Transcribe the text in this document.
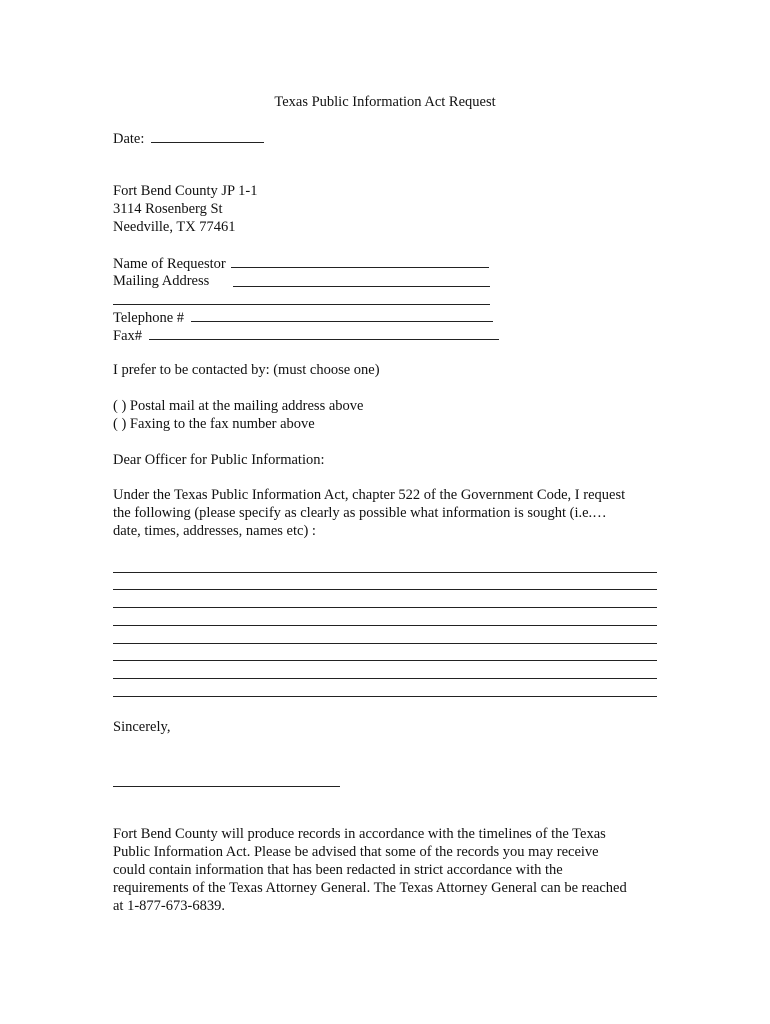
Texas Public Information Act Request
Date:
Fort Bend County JP 1-1
3114 Rosenberg St
Needville, TX 77461
Name of Requestor
Mailing Address
Telephone #
Fax#
I prefer to be contacted by: (must choose one)
( ) Postal mail at the mailing address above
( ) Faxing to the fax number above
Dear Officer for Public Information:
Under the Texas Public Information Act, chapter 522 of the Government Code, I request
the following (please specify as clearly as possible what information is sought (i.e.…
date, times, addresses, names etc) :
Sincerely,
Fort Bend County will produce records in accordance with the timelines of the Texas
Public Information Act. Please be advised that some of the records you may receive
could contain information that has been redacted in strict accordance with the
requirements of the Texas Attorney General. The Texas Attorney General can be reached
at 1-877-673-6839.
